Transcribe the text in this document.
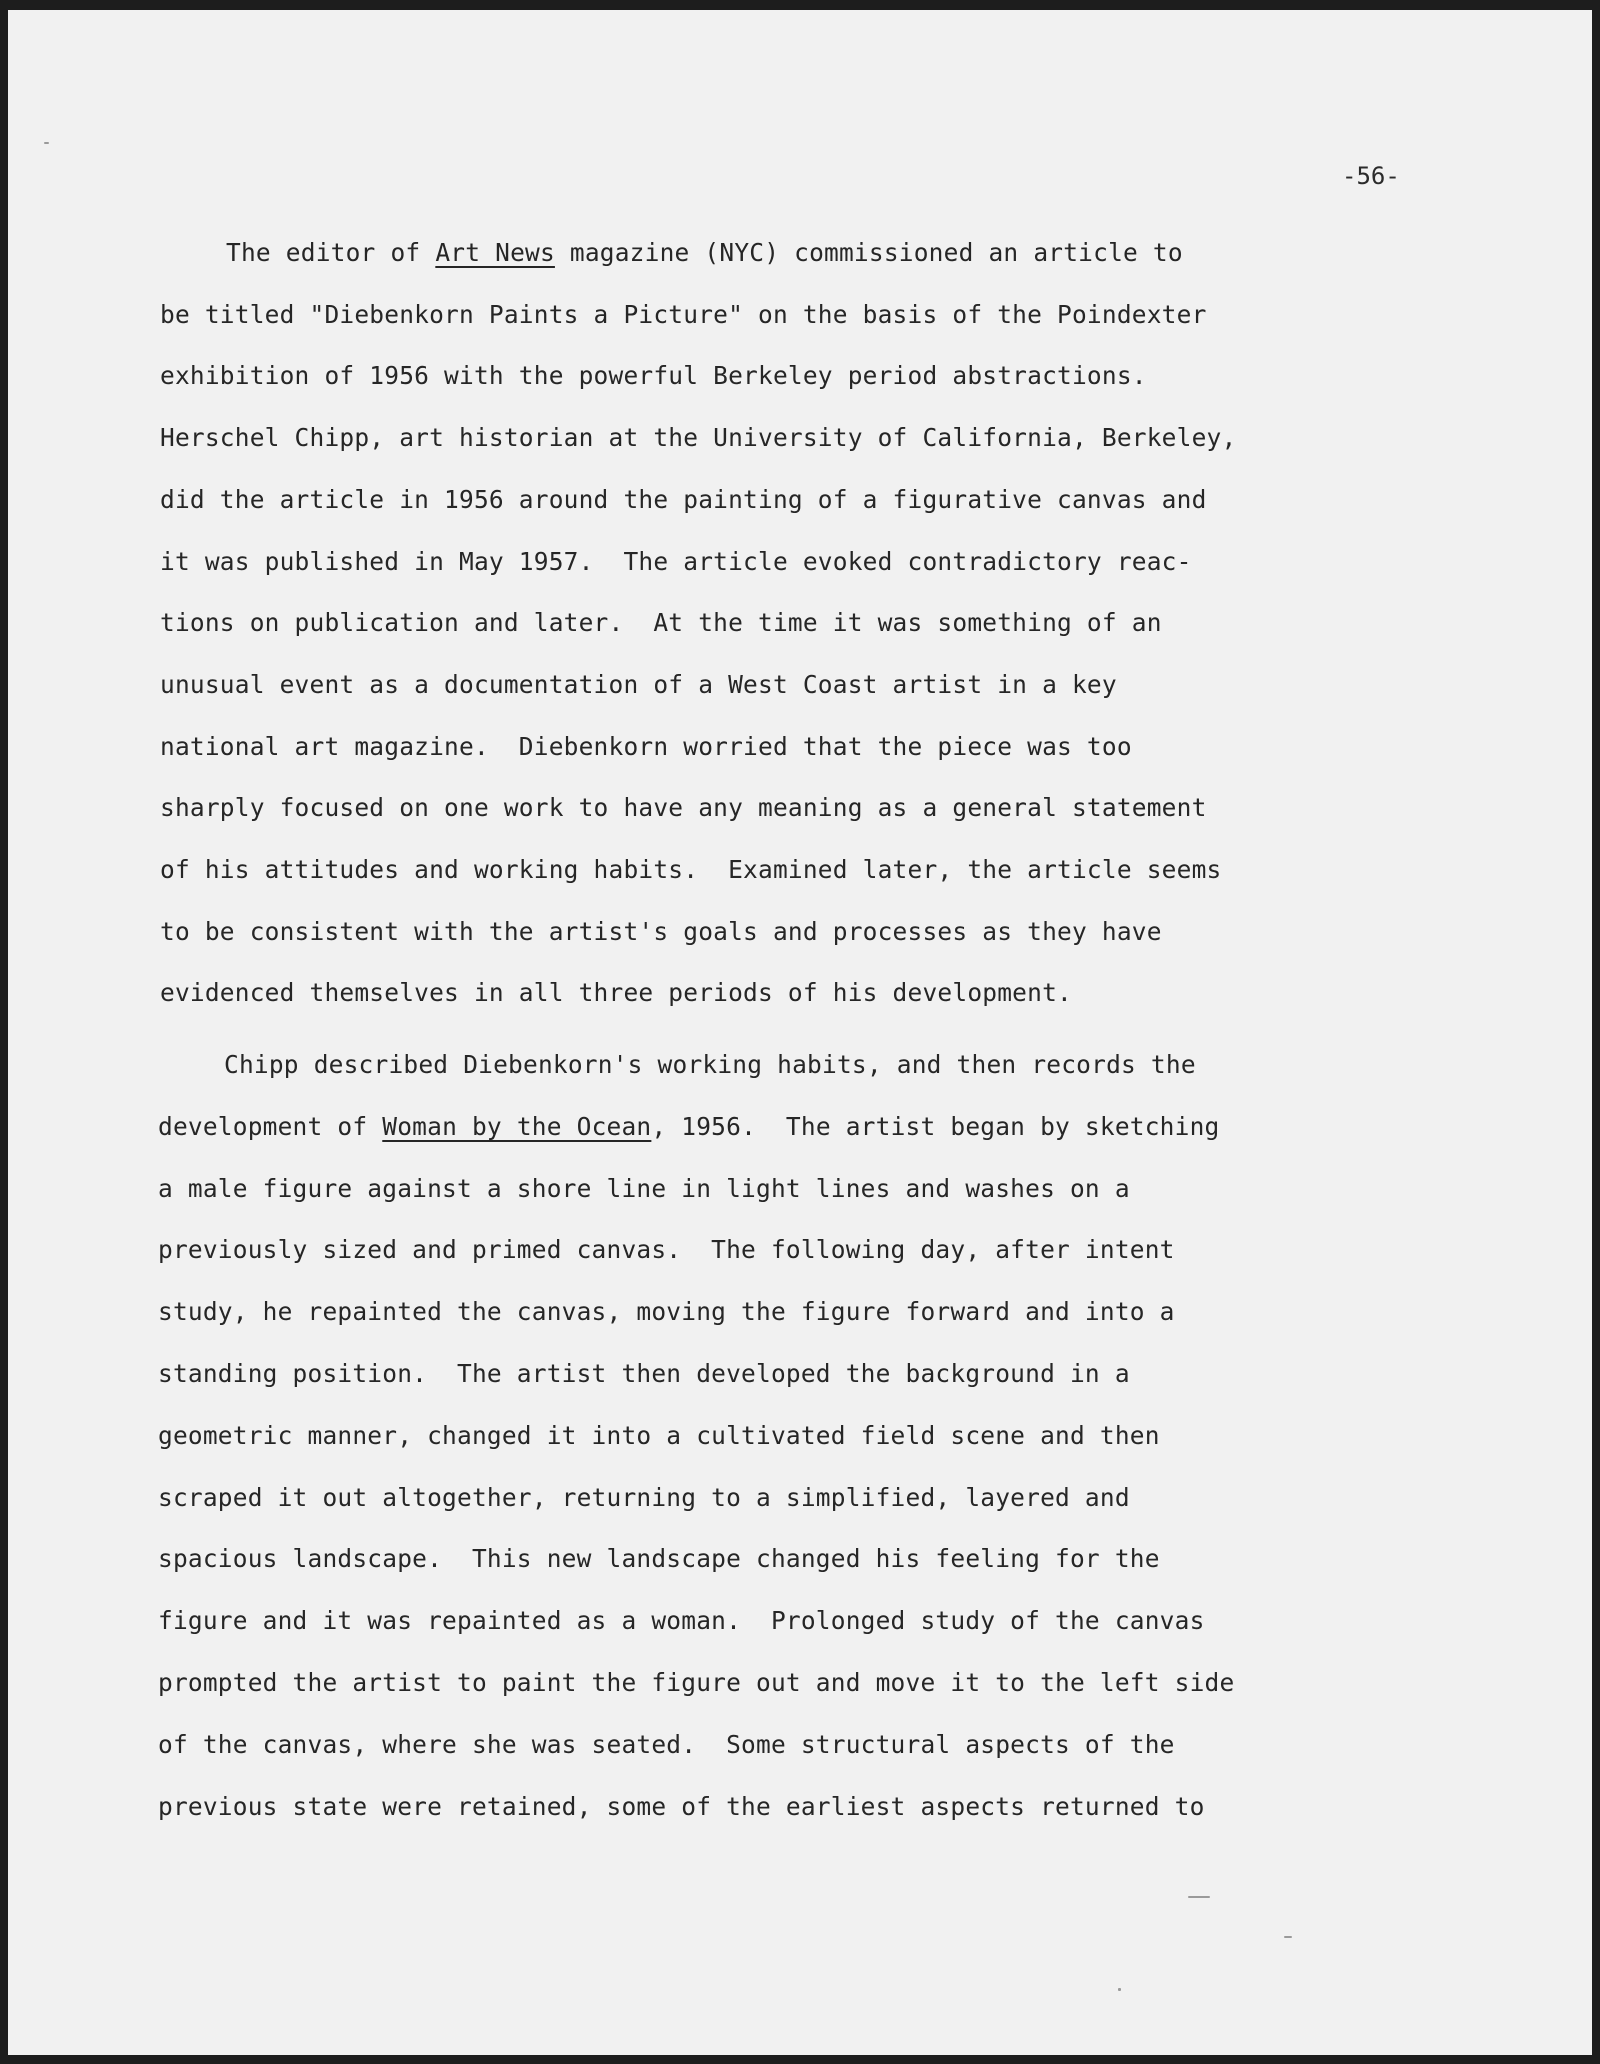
-56-
The editor of Art News magazine (NYC) commissioned an article to
be titled "Diebenkorn Paints a Picture" on the basis of the Poindexter
exhibition of 1956 with the powerful Berkeley period abstractions.
Herschel Chipp, art historian at the University of California, Berkeley,
did the article in 1956 around the painting of a figurative canvas and
it was published in May 1957.  The article evoked contradictory reac-
tions on publication and later.  At the time it was something of an
unusual event as a documentation of a West Coast artist in a key
national art magazine.  Diebenkorn worried that the piece was too
sharply focused on one work to have any meaning as a general statement
of his attitudes and working habits.  Examined later, the article seems
to be consistent with the artist's goals and processes as they have
evidenced themselves in all three periods of his development.
Chipp described Diebenkorn's working habits, and then records the
development of Woman by the Ocean, 1956.  The artist began by sketching
a male figure against a shore line in light lines and washes on a
previously sized and primed canvas.  The following day, after intent
study, he repainted the canvas, moving the figure forward and into a
standing position.  The artist then developed the background in a
geometric manner, changed it into a cultivated field scene and then
scraped it out altogether, returning to a simplified, layered and
spacious landscape.  This new landscape changed his feeling for the
figure and it was repainted as a woman.  Prolonged study of the canvas
prompted the artist to paint the figure out and move it to the left side
of the canvas, where she was seated.  Some structural aspects of the
previous state were retained, some of the earliest aspects returned to
